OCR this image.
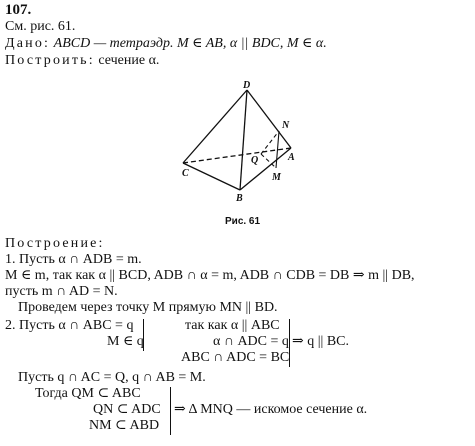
107.
См. рис. 61.
Дано: ABCD — тетраэдр. M ∈ AB, α || BDC, M ∈ α.
Построить: сечение α.
D
N
Q	A
C	M
B
Рис. 61
Построение:
1. Пусть α ∩ ADB = m.
M ∈ m, так как α || BCD, ADB ∩ α = m, ADB ∩ CDB = DB ⇒ m || DB,
пусть m ∩ AD = N.
Проведем через точку M прямую MN || BD.
2. Пусть α ∩ ABC = q
M ∈ q
так как α || ABC
α ∩ ADC = q
ABC ∩ ADC = BC
⇒ q || BC.
Пусть q ∩ AC = Q, q ∩ AB = M.
Тогда QM ⊂ ABC
QN ⊂ ADC
NM ⊂ ABD
⇒ Δ MNQ — искомое сечение α.
